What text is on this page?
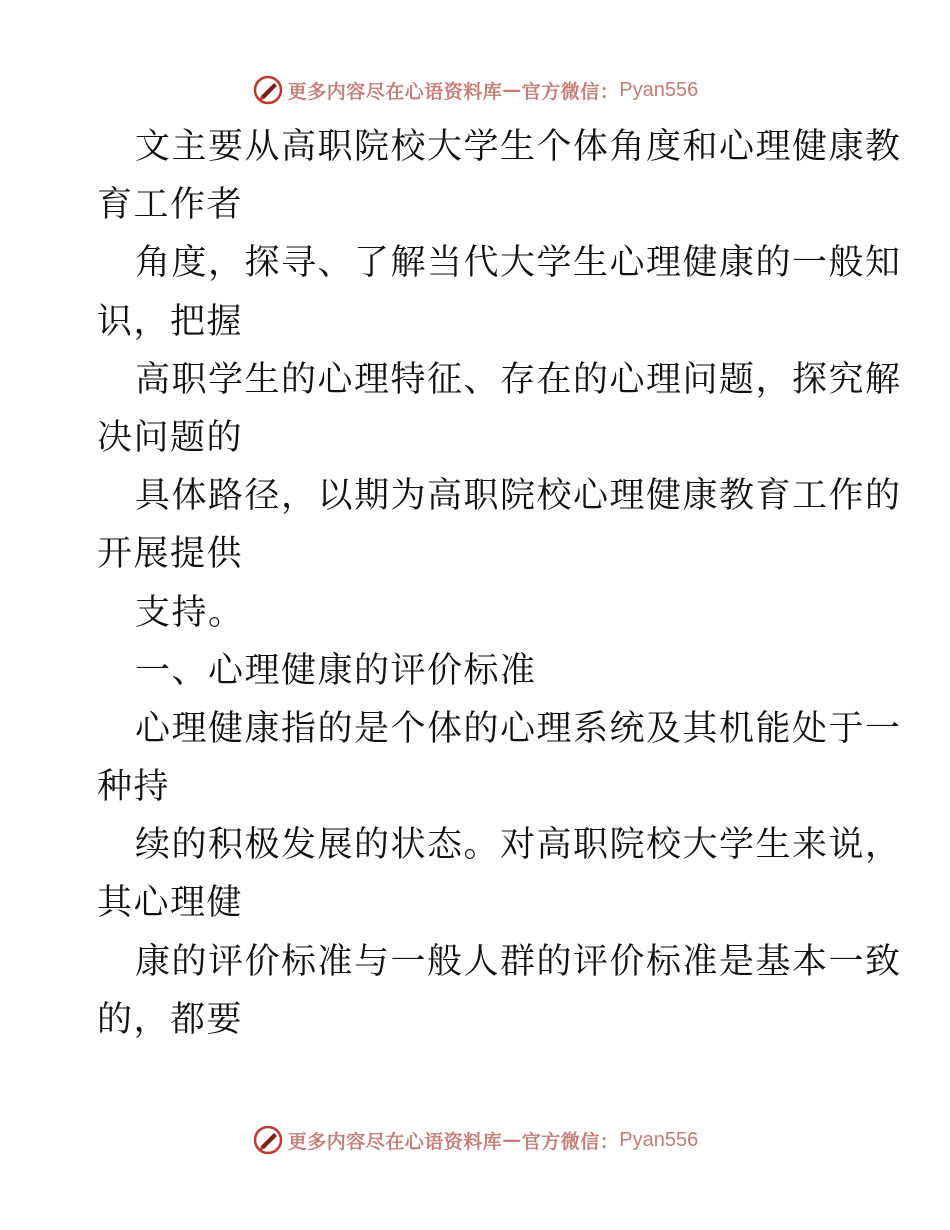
更多内容尽在心语资料库 — 官方微信： Pyan556
文主要从高职院校大学生个体角度和心理健康教
育工作者
角度，探寻、了解当代大学生心理健康的一般知
识，把握
高职学生的心理特征、存在的心理问题，探究解
决问题的
具体路径，以期为高职院校心理健康教育工作的
开展提供
支持。
一、心理健康的评价标准
心理健康指的是个体的心理系统及其机能处于一
种持
续的积极发展的状态。对高职院校大学生来说，
其心理健
康的评价标准与一般人群的评价标准是基本一致
的，都要
更多内容尽在心语资料库 — 官方微信： Pyan556
